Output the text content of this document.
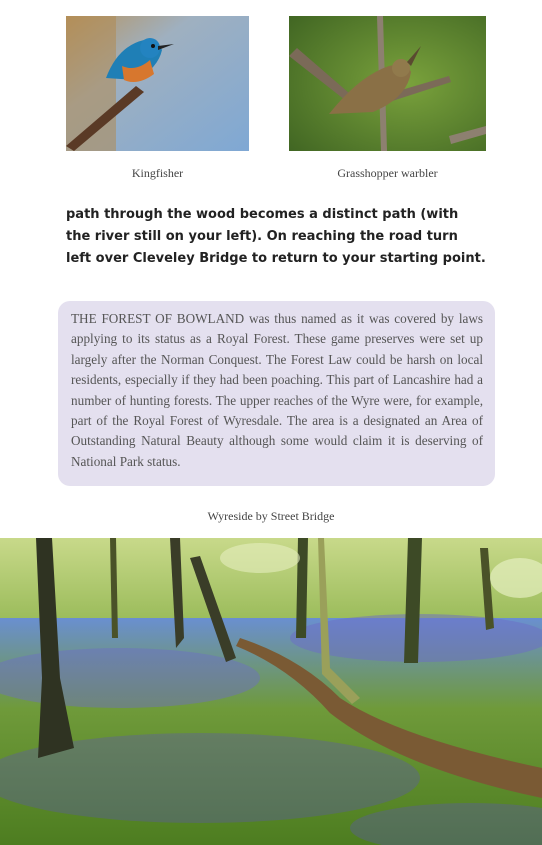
Kingfisher	Grasshopper warbler
path through the wood becomes a distinct path (with the river still on your left). On reaching the road turn left over Cleveley Bridge to return to your starting point.
THE FOREST OF BOWLAND was thus named as it was covered by laws applying to its status as a Royal Forest. These game preserves were set up largely after the Norman Conquest. The Forest Law could be harsh on local residents, especially if they had been poaching. This part of Lancashire had a number of hunting forests. The upper reaches of the Wyre were, for example, part of the Royal Forest of Wyresdale. The area is a designated an Area of Outstanding Natural Beauty although some would claim it is deserving of National Park status.
Wyreside by Street Bridge
